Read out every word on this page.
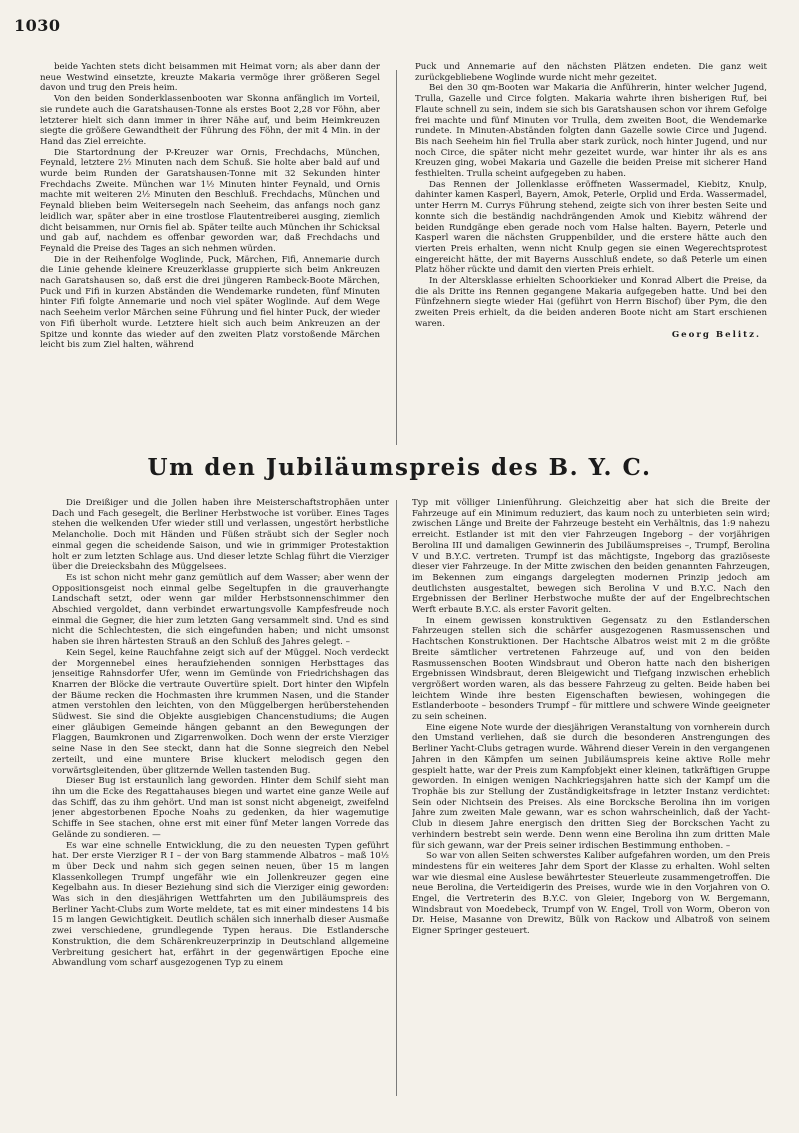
1030

beide Yachten stets dicht beisammen mit Heimat vorn; als aber dann der neue Westwind einsetzte, kreuzte Makaria vermöge ihrer größeren Segel davon und trug den Preis heim.

Von den beiden Sonderklassenbooten war Skonna anfänglich im Vorteil, sie rundete auch die Garatshausen-Tonne als erstes Boot 2,28 vor Föhn, aber letzterer hielt sich dann immer in ihrer Nähe auf, und beim Heimkreuzen siegte die größere Gewandtheit der Führung des Föhn, der mit 4 Min. in der Hand das Ziel erreichte.

Die Startordnung der P-Kreuzer war Ornis, Frechdachs, München, Feynald, letztere 2½ Minuten nach dem Schuß. Sie holte aber bald auf und wurde beim Runden der Garatshausen-Tonne mit 32 Sekunden hinter Frechdachs Zweite. München war 1½ Minuten hinter Feynald, und Ornis machte mit weiteren 2½ Minuten den Beschluß. Frechdachs, München und Feynald blieben beim Weitersegeln nach Seeheim, das anfangs noch ganz leidlich war, später aber in eine trostlose Flautentreiberei ausging, ziemlich dicht beisammen, nur Ornis fiel ab. Später teilte auch München ihr Schicksal und gab auf, nachdem es offenbar geworden war, daß Frechdachs und Feynald die Preise des Tages an sich nehmen würden.

Die in der Reihenfolge Woglinde, Puck, Märchen, Fifi, Annemarie durch die Linie gehende kleinere Kreuzerklasse gruppierte sich beim Ankreuzen nach Garatshausen so, daß erst die drei jüngeren Rambeck-Boote Märchen, Puck und Fifi in kurzen Abständen die Wendemarke rundeten, fünf Minuten hinter Fifi folgte Annemarie und noch viel später Woglinde. Auf dem Wege nach Seeheim verlor Märchen seine Führung und fiel hinter Puck, der wieder von Fifi überholt wurde. Letztere hielt sich auch beim Ankreuzen an der Spitze und konnte das wieder auf den zweiten Platz vorstoßende Märchen leicht bis zum Ziel halten, während

Puck und Annemarie auf den nächsten Plätzen endeten. Die ganz weit zurückgebliebene Woglinde wurde nicht mehr gezeitet.

Bei den 30 qm-Booten war Makaria die Anführerin, hinter welcher Jugend, Trulla, Gazelle und Circe folgten. Makaria wahrte ihren bisherigen Ruf, bei Flaute schnell zu sein, indem sie sich bis Garatshausen schon vor ihrem Gefolge frei machte und fünf Minuten vor Trulla, dem zweiten Boot, die Wendemarke rundete. In Minuten-Abständen folgten dann Gazelle sowie Circe und Jugend. Bis nach Seeheim hin fiel Trulla aber stark zurück, noch hinter Jugend, und nur noch Circe, die später nicht mehr gezeitet wurde, war hinter ihr als es ans Kreuzen ging, wobei Makaria und Gazelle die beiden Preise mit sicherer Hand festhielten. Trulla scheint aufgegeben zu haben.

Das Rennen der Jollenklasse eröffneten Wassermadel, Kiebitz, Knulp, dahinter kamen Kasperl, Bayern, Amok, Peterle, Orplid und Erda. Wassermadel, unter Herrn M. Currys Führung stehend, zeigte sich von ihrer besten Seite und konnte sich die beständig nachdrängenden Amok und Kiebitz während der beiden Rundgänge eben gerade noch vom Halse halten. Bayern, Peterle und Kasperl waren die nächsten Gruppenbilder, und die erstere hätte auch den vierten Preis erhalten, wenn nicht Knulp gegen sie einen Wegerechtsprotest eingereicht hätte, der mit Bayerns Ausschluß endete, so daß Peterle um einen Platz höher rückte und damit den vierten Preis erhielt.

In der Altersklasse erhielten Schoorkieker und Konrad Albert die Preise, da die als Dritte ins Rennen gegangene Makaria aufgegeben hatte. Und bei den Fünfzehnern siegte wieder Hai (geführt von Herrn Bischof) über Pym, die den zweiten Preis erhielt, da die beiden anderen Boote nicht am Start erschienen waren.

Georg Belitz.
Um den Jubiläumspreis des B. Y. C.

Die Dreißiger und die Jollen haben ihre Meisterschaftstrophäen unter Dach und Fach gesegelt, die Berliner Herbstwoche ist vorüber. Eines Tages stehen die welkenden Ufer wieder still und verlassen, ungestört herbstliche Melancholie. Doch mit Händen und Füßen sträubt sich der Segler noch einmal gegen die scheidende Saison, und wie in grimmiger Protestaktion holt er zum letzten Schlage aus. Und dieser letzte Schlag führt die Vierziger über die Dreiecksbahn des Müggelsees.

Es ist schon nicht mehr ganz gemütlich auf dem Wasser; aber wenn der Oppositionsgeist noch einmal gelbe Segeltupfen in die grauverhangte Landschaft setzt, oder wenn gar milder Herbstsonnenschimmer den Abschied vergoldet, dann verbindet erwartungsvolle Kampfesfreude noch einmal die Gegner, die hier zum letzten Gang versammelt sind. Und es sind nicht die Schlechtesten, die sich eingefunden haben; und nicht umsonst haben sie ihren härtesten Strauß an den Schluß des Jahres gelegt. –

Kein Segel, keine Rauchfahne zeigt sich auf der Müggel. Noch verdeckt der Morgennebel eines heraufziehenden sonnigen Herbsttages das jenseitige Rahnsdorfer Ufer, wenn im Gemünde von Friedrichshagen das Knarren der Blöcke die vertraute Ouvertüre spielt. Dort hinter den Wipfeln der Bäume recken die Hochmasten ihre krummen Nasen, und die Stander atmen verstohlen den leichten, von den Müggelbergen herüberstehenden Südwest. Sie sind die Objekte ausgiebigen Chancenstudiums; die Augen einer gläubigen Gemeinde hängen gebannt an den Bewegungen der Flaggen, Baumkronen und Zigarrenwolken. Doch wenn der erste Vierziger seine Nase in den See steckt, dann hat die Sonne siegreich den Nebel zerteilt, und eine muntere Brise kluckert melodisch gegen den vorwärtsgleitenden, über glitzernde Wellen tastenden Bug.

Dieser Bug ist erstaunlich lang geworden. Hinter dem Schilf sieht man ihn um die Ecke des Regattahauses biegen und wartet eine ganze Weile auf das Schiff, das zu ihm gehört. Und man ist sonst nicht abgeneigt, zweifelnd jener abgestorbenen Epoche Noahs zu gedenken, da hier wagemutige Schiffe in See stachen, ohne erst mit einer fünf Meter langen Vorrede das Gelände zu sondieren. —

Es war eine schnelle Entwicklung, die zu den neuesten Typen geführt hat. Der erste Vierziger R I – der von Barg stammende Albatros – maß 10½ m über Deck und nahm sich gegen seinen neuen, über 15 m langen Klassenkollegen Trumpf ungefähr wie ein Jollenkreuzer gegen eine Kegelbahn aus. In dieser Beziehung sind sich die Vierziger einig geworden: Was sich in den diesjährigen Wettfahrten um den Jubiläumspreis des Berliner Yacht-Clubs zum Worte meldete, tat es mit einer mindestens 14 bis 15 m langen Gewichtigkeit. Deutlich schälen sich innerhalb dieser Ausmaße zwei verschiedene, grundlegende Typen heraus. Die Estlandersche Konstruktion, die dem Schärenkreuzerprinzip in Deutschland allgemeine Verbreitung gesichert hat, erfährt in der gegenwärtigen Epoche eine Abwandlung vom scharf ausgezogenen Typ zu einem

Typ mit völliger Linienführung. Gleichzeitig aber hat sich die Breite der Fahrzeuge auf ein Minimum reduziert, das kaum noch zu unterbieten sein wird; zwischen Länge und Breite der Fahrzeuge besteht ein Verhältnis, das 1:9 nahezu erreicht. Estlander ist mit den vier Fahrzeugen Ingeborg – der vorjährigen Berolina III und damaligen Gewinnerin des Jubiläumspreises –, Trumpf, Berolina V und B.Y.C. vertreten. Trumpf ist das mächtigste, Ingeborg das graziöseste dieser vier Fahrzeuge. In der Mitte zwischen den beiden genannten Fahrzeugen, im Bekennen zum eingangs dargelegten modernen Prinzip jedoch am deutlichsten ausgestaltet, bewegen sich Berolina V und B.Y.C. Nach den Ergebnissen der Berliner Herbstwoche mußte der auf der Engelbrechtschen Werft erbaute B.Y.C. als erster Favorit gelten.

In einem gewissen konstruktiven Gegensatz zu den Estlanderschen Fahrzeugen stellen sich die schärfer ausgezogenen Rasmussenschen und Hachtschen Konstruktionen. Der Hachtsche Albatros weist mit 2 m die größte Breite sämtlicher vertretenen Fahrzeuge auf, und von den beiden Rasmussenschen Booten Windsbraut und Oberon hatte nach den bisherigen Ergebnissen Windsbraut, deren Bleigewicht und Tiefgang inzwischen erheblich vergrößert worden waren, als das bessere Fahrzeug zu gelten. Beide haben bei leichtem Winde ihre besten Eigenschaften bewiesen, wohingegen die Estlanderboote – besonders Trumpf – für mittlere und schwere Winde geeigneter zu sein scheinen.

Eine eigene Note wurde der diesjährigen Veranstaltung von vornherein durch den Umstand verliehen, daß sie durch die besonderen Anstrengungen des Berliner Yacht-Clubs getragen wurde. Während dieser Verein in den vergangenen Jahren in den Kämpfen um seinen Jubiläumspreis keine aktive Rolle mehr gespielt hatte, war der Preis zum Kampfobjekt einer kleinen, tatkräftigen Gruppe geworden. In einigen wenigen Nachkriegsjahren hatte sich der Kampf um die Trophäe bis zur Stellung der Zuständigkeitsfrage in letzter Instanz verdichtet: Sein oder Nichtsein des Preises. Als eine Borcksche Berolina ihn im vorigen Jahre zum zweiten Male gewann, war es schon wahrscheinlich, daß der Yacht-Club in diesem Jahre energisch den dritten Sieg der Borckschen Yacht zu verhindern bestrebt sein werde. Denn wenn eine Berolina ihn zum dritten Male für sich gewann, war der Preis seiner irdischen Bestimmung enthoben. –

So war von allen Seiten schwerstes Kaliber aufgefahren worden, um den Preis mindestens für ein weiteres Jahr dem Sport der Klasse zu erhalten. Wohl selten war wie diesmal eine Auslese bewährtester Steuerleute zusammengetroffen. Die neue Berolina, die Verteidigerin des Preises, wurde wie in den Vorjahren von O. Engel, die Vertreterin des B.Y.C. von Gleier, Ingeborg von W. Bergemann, Windsbraut von Moedebeck, Trumpf von W. Engel, Troll von Worm, Oberon von Dr. Heise, Masanne von Drewitz, Bülk von Rackow und Albatroß von seinem Eigner Springer gesteuert.
